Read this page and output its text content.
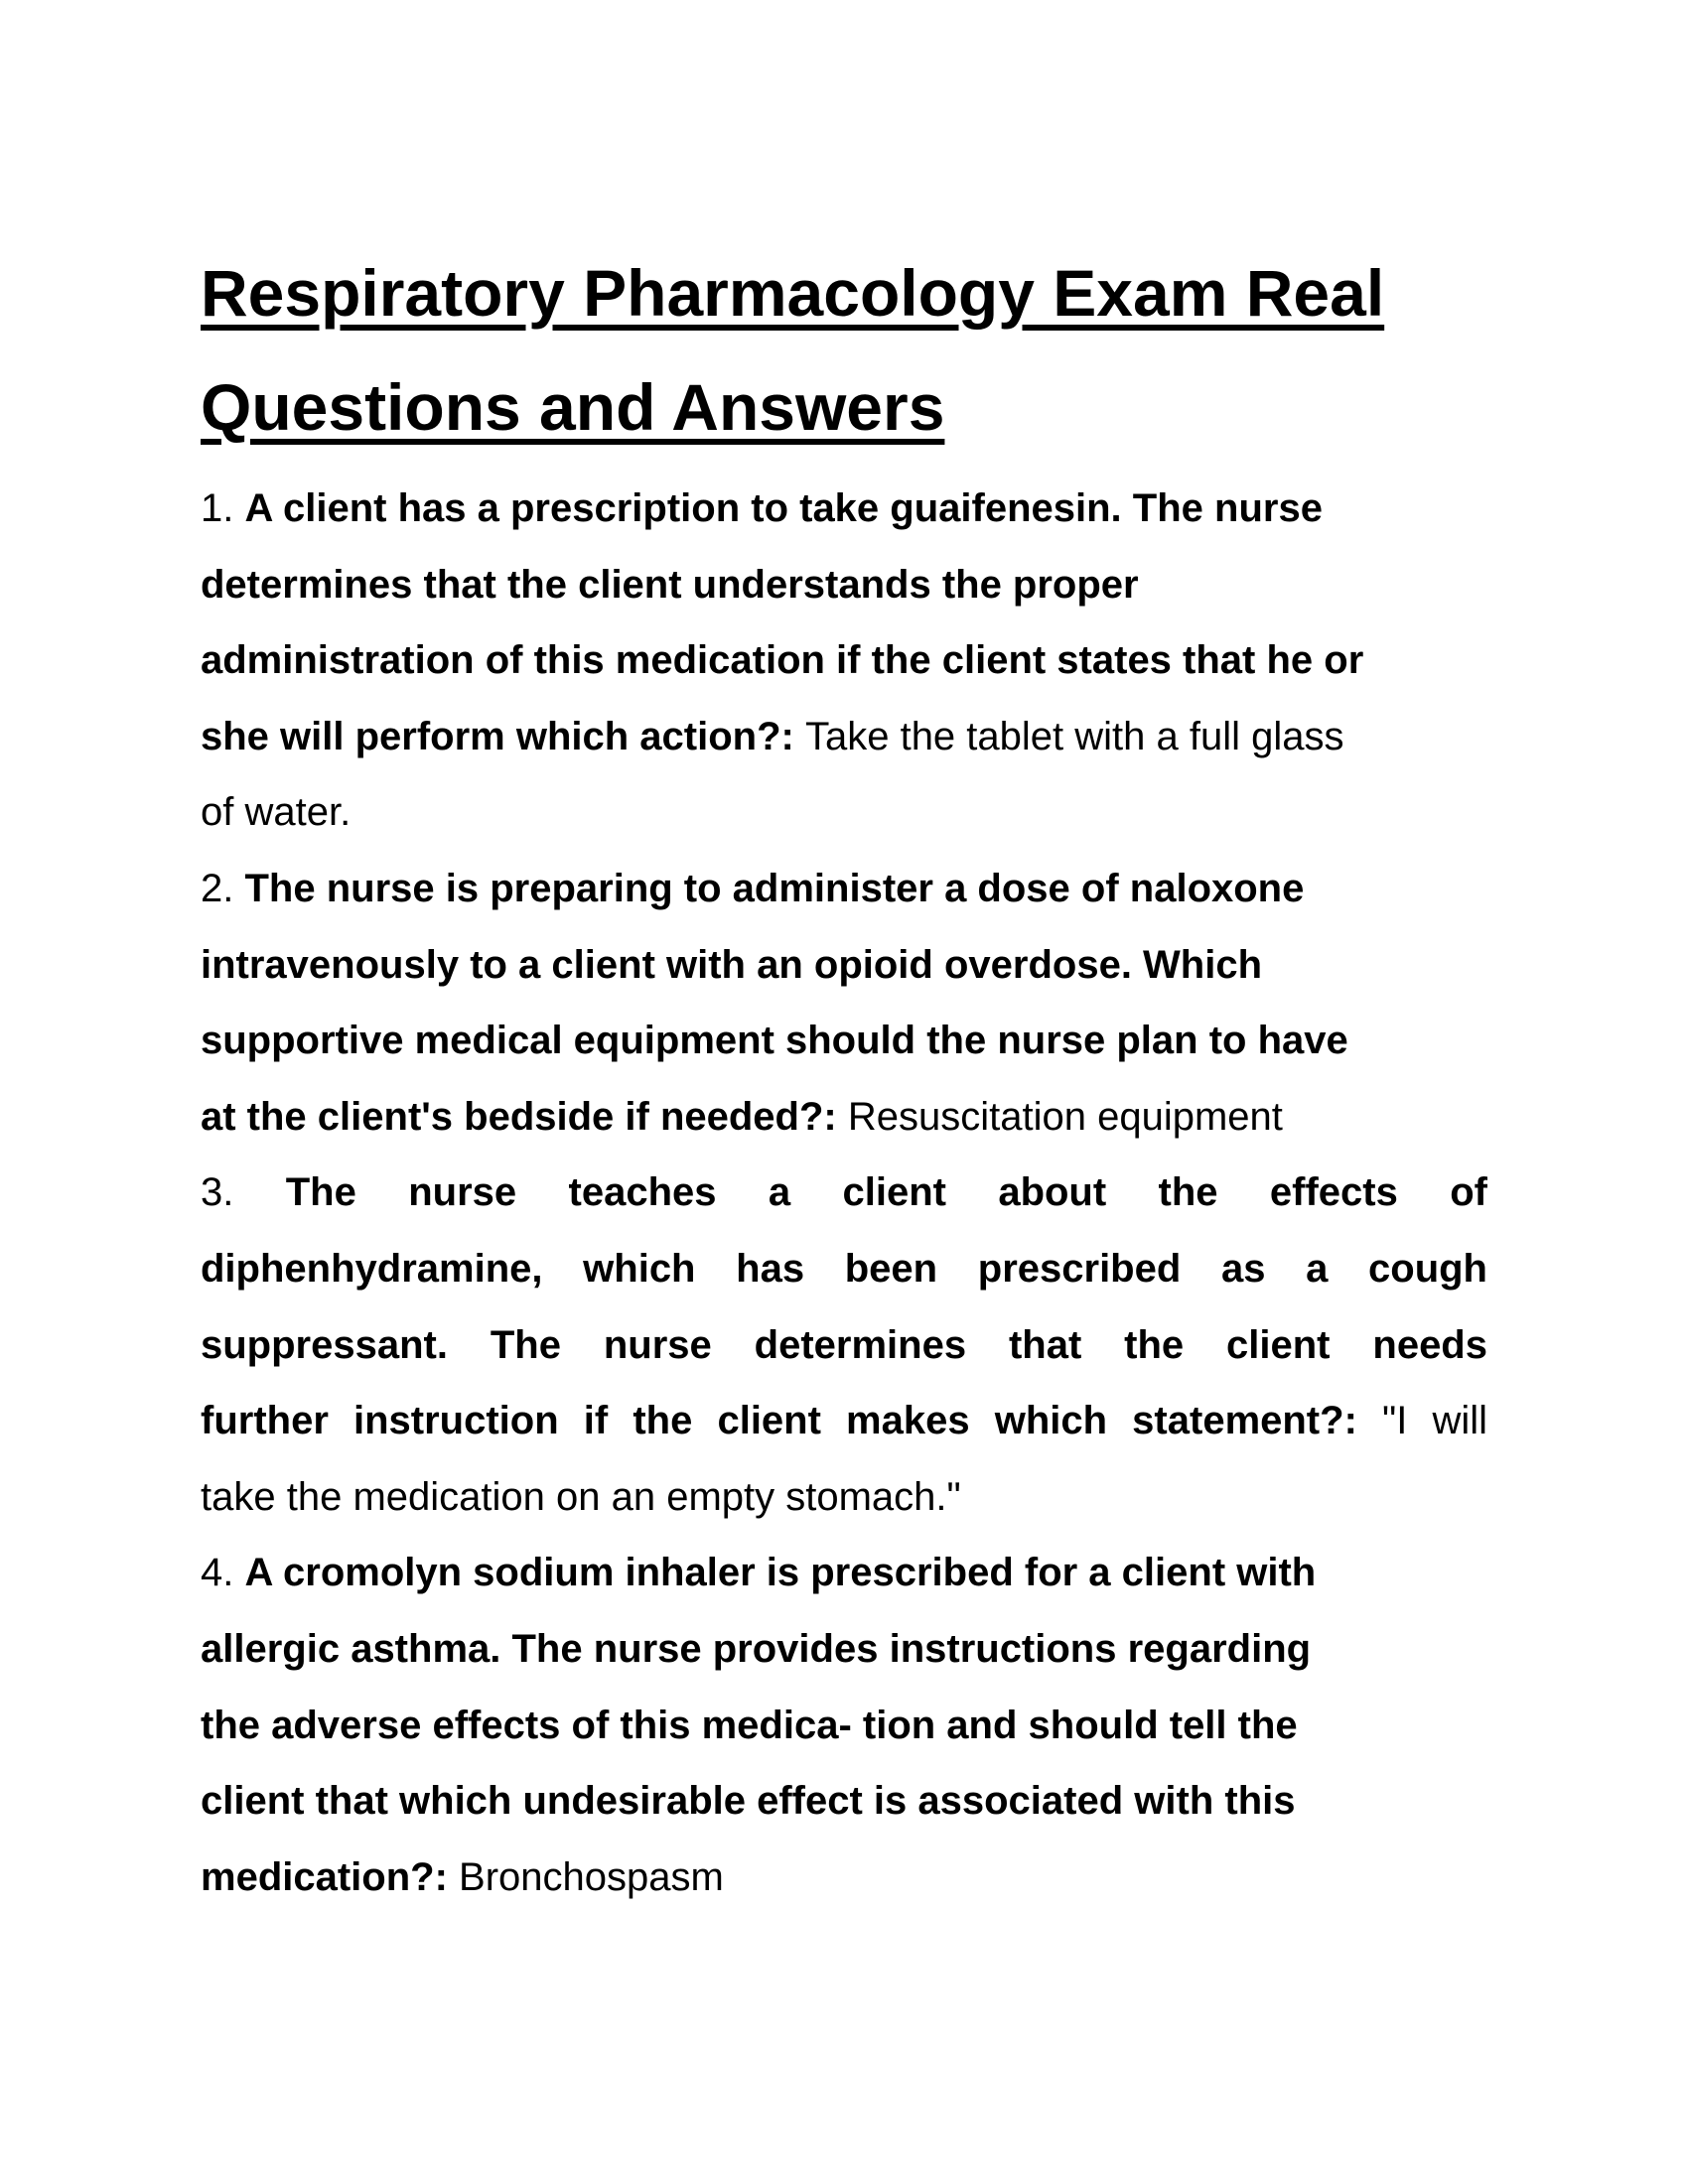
Respiratory Pharmacology Exam Real
Questions and Answers
1. A client has a prescription to take guaifenesin. The nurse
determines that the client understands the proper
administration of this medication if the client states that he or
she will perform which action?: Take the tablet with a full glass
of water.
2. The nurse is preparing to administer a dose of naloxone
intravenously to a client with an opioid overdose. Which
supportive medical equipment should the nurse plan to have
at the client's bedside if needed?: Resuscitation equipment
3. The nurse teaches a client about the effects of
diphenhydramine, which has been prescribed as a cough
suppressant. The nurse determines that the client needs
further instruction if the client makes which statement?: "I will
take the medication on an empty stomach."
4. A cromolyn sodium inhaler is prescribed for a client with
allergic asthma. The nurse provides instructions regarding
the adverse effects of this medica- tion and should tell the
client that which undesirable effect is associated with this
medication?: Bronchospasm
